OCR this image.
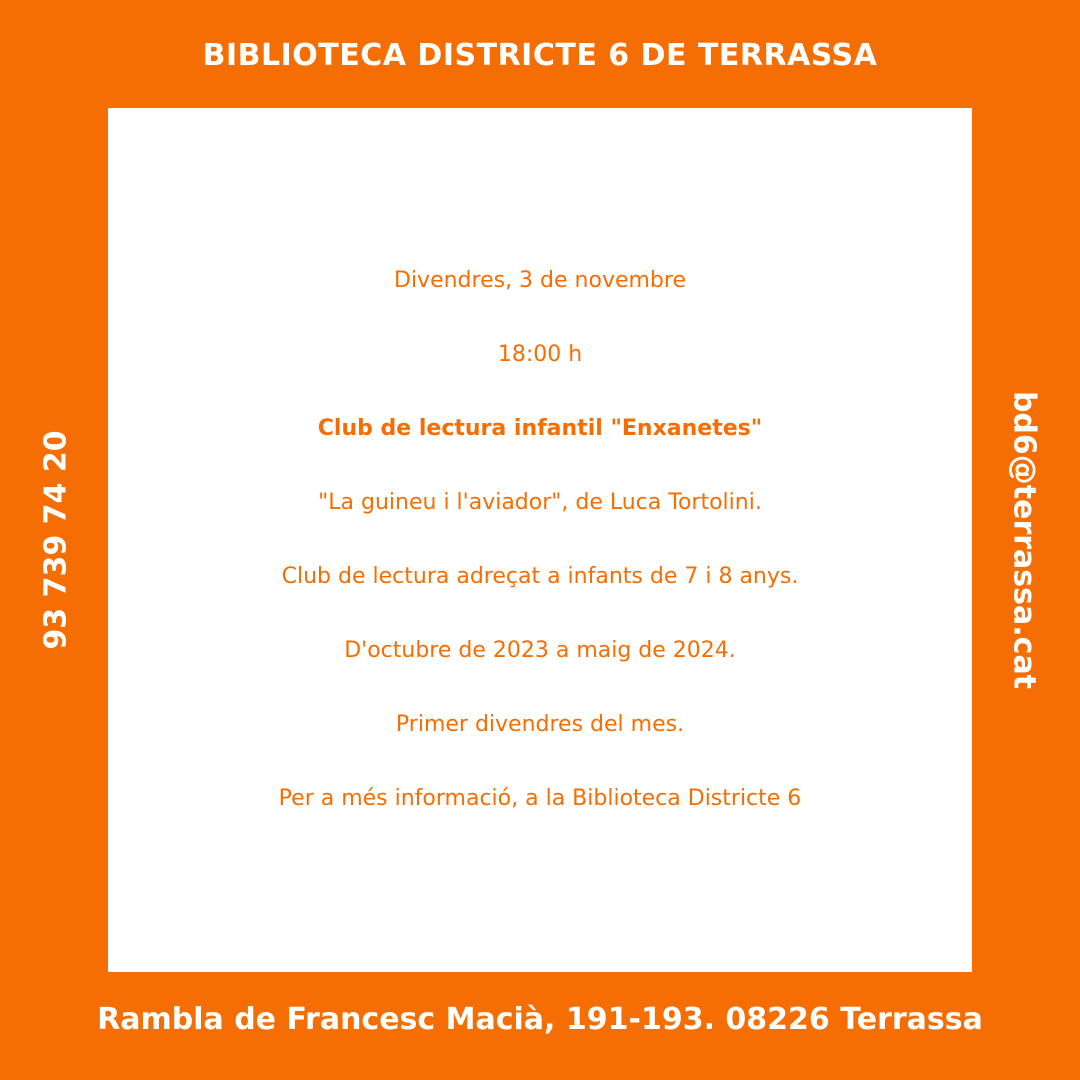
BIBLIOTECA DISTRICTE 6 DE TERRASSA
93 739 74 20	bd6@terrassa.cat
Divendres, 3 de novembre
18:00 h
Club de lectura infantil "Enxanetes"
"La guineu i l'aviador", de Luca Tortolini.
Club de lectura adreçat a infants de 7 i 8 anys.
D'octubre de 2023 a maig de 2024.
Primer divendres del mes.
Per a més informació, a la Biblioteca Districte 6
Rambla de Francesc Macià, 191-193. 08226 Terrassa
